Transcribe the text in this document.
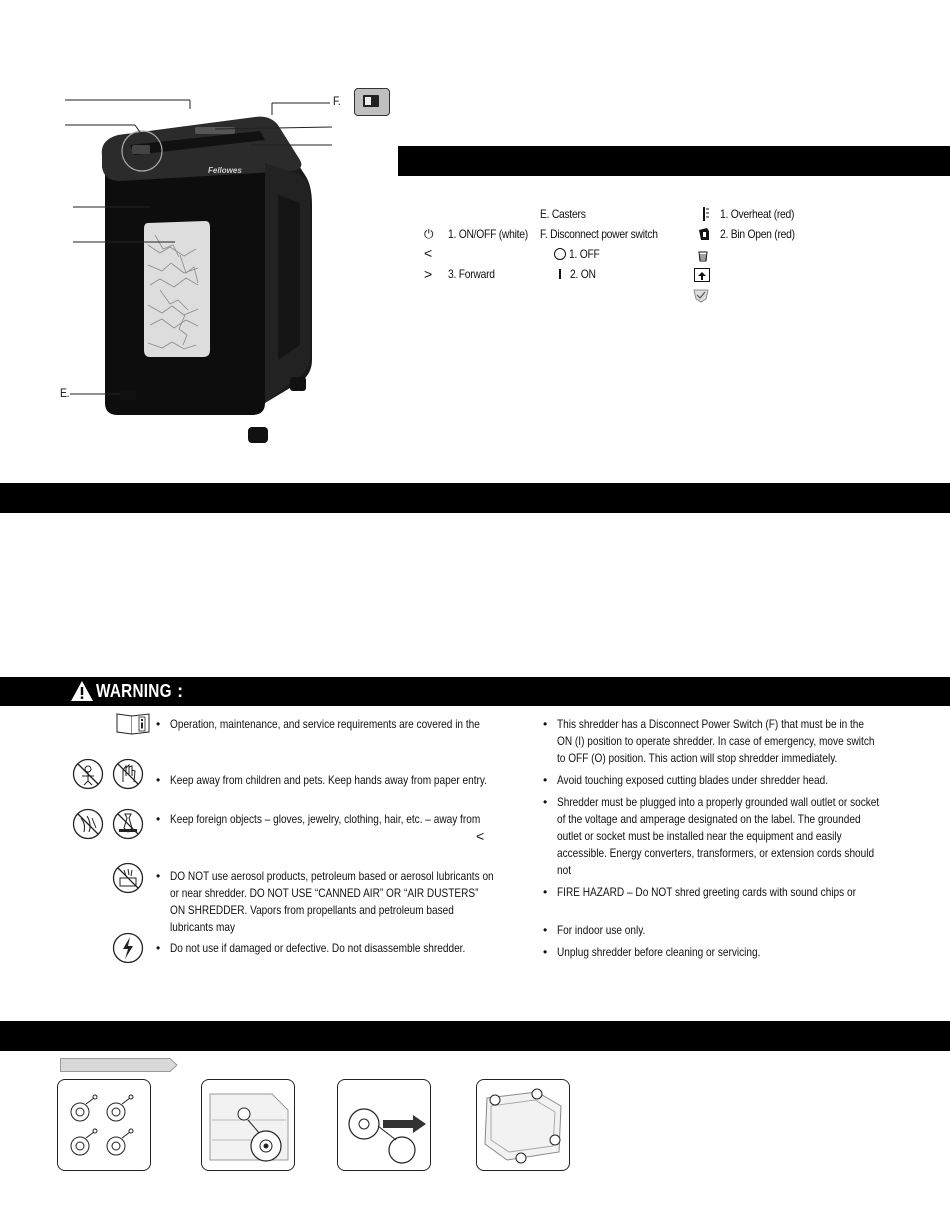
Fellowes
F.
E.
⏻ 1. ON/OFF (white)
<
> 3. Forward
E. Casters
F. Disconnect power switch
1. OFF
2. ON
1. Overheat (red)
2. Bin Open (red)
WARNING :
• Operation, maintenance, and service requirements are covered in the
• Keep away from children and pets. Keep hands away from paper entry.
• Keep foreign objects – gloves, jewelry, clothing, hair, etc. – away from
<
• DO NOT use aerosol products, petroleum based or aerosol lubricants on or near shredder. DO NOT USE “CANNED AIR” OR “AIR DUSTERS” ON SHREDDER. Vapors from propellants and petroleum based lubricants may
• Do not use if damaged or defective. Do not disassemble shredder.
• This shredder has a Disconnect Power Switch (F) that must be in the ON (I) position to operate shredder. In case of emergency, move switch to OFF (O) position. This action will stop shredder immediately.
• Avoid touching exposed cutting blades under shredder head.
• Shredder must be plugged into a properly grounded wall outlet or socket of the voltage and amperage designated on the label. The grounded outlet or socket must be installed near the equipment and easily accessible. Energy converters, transformers, or extension cords should not
• FIRE HAZARD – Do NOT shred greeting cards with sound chips or
• For indoor use only.
• Unplug shredder before cleaning or servicing.
